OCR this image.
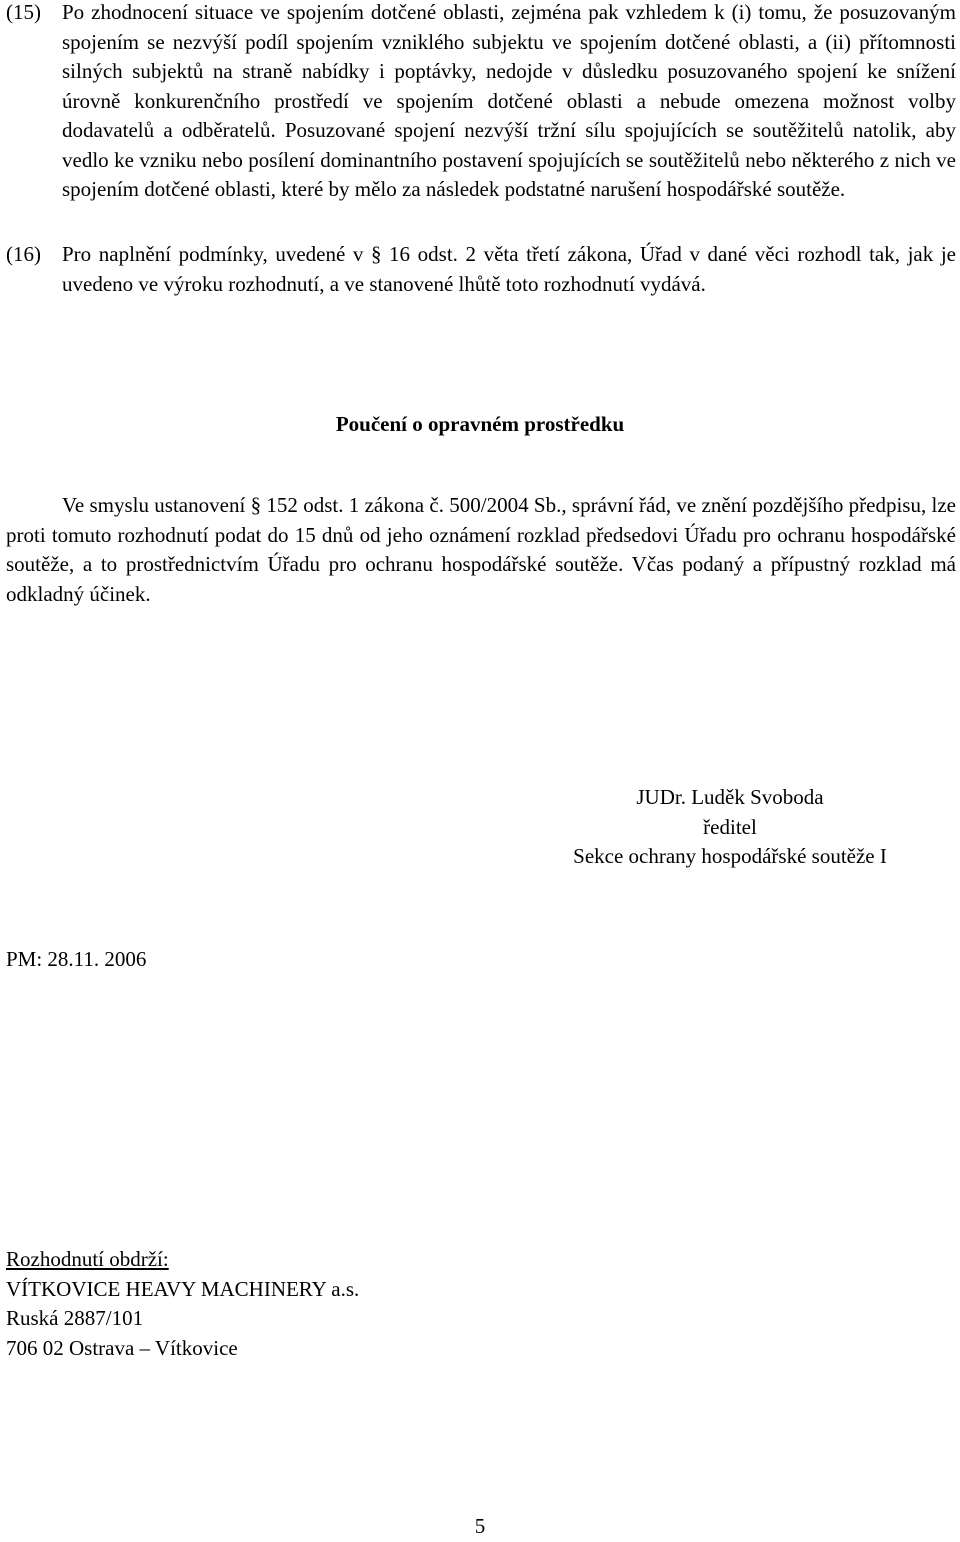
(15)	Po zhodnocení situace ve spojením dotčené oblasti, zejména pak vzhledem k (i) tomu, že posuzovaným spojením se nezvýší podíl spojením vzniklého subjektu ve spojením dotčené oblasti, a (ii) přítomnosti silných subjektů na straně nabídky i poptávky, nedojde v důsledku posuzovaného spojení ke snížení úrovně konkurenčního prostředí ve spojením dotčené oblasti a nebude omezena možnost volby dodavatelů a odběratelů. Posuzované spojení nezvýší tržní sílu spojujících se soutěžitelů natolik, aby vedlo ke vzniku nebo posílení dominantního postavení spojujících se soutěžitelů nebo některého z nich ve spojením dotčené oblasti, které by mělo za následek podstatné narušení hospodářské soutěže.
(16)	Pro naplnění podmínky, uvedené v § 16 odst. 2 věta třetí zákona, Úřad v dané věci rozhodl tak, jak je uvedeno ve výroku rozhodnutí, a ve stanovené lhůtě toto rozhodnutí vydává.
Poučení o opravném prostředku
Ve smyslu ustanovení § 152 odst. 1 zákona č. 500/2004 Sb., správní řád, ve znění pozdějšího předpisu, lze proti tomuto rozhodnutí podat do 15 dnů od jeho oznámení rozklad předsedovi Úřadu pro ochranu hospodářské soutěže, a to prostřednictvím Úřadu pro ochranu hospodářské soutěže. Včas podaný a přípustný rozklad má odkladný účinek.
JUDr. Luděk Svoboda
ředitel
Sekce ochrany hospodářské soutěže I
PM: 28.11. 2006
Rozhodnutí obdrží:
VÍTKOVICE HEAVY MACHINERY a.s.
Ruská 2887/101
706 02 Ostrava – Vítkovice
5
